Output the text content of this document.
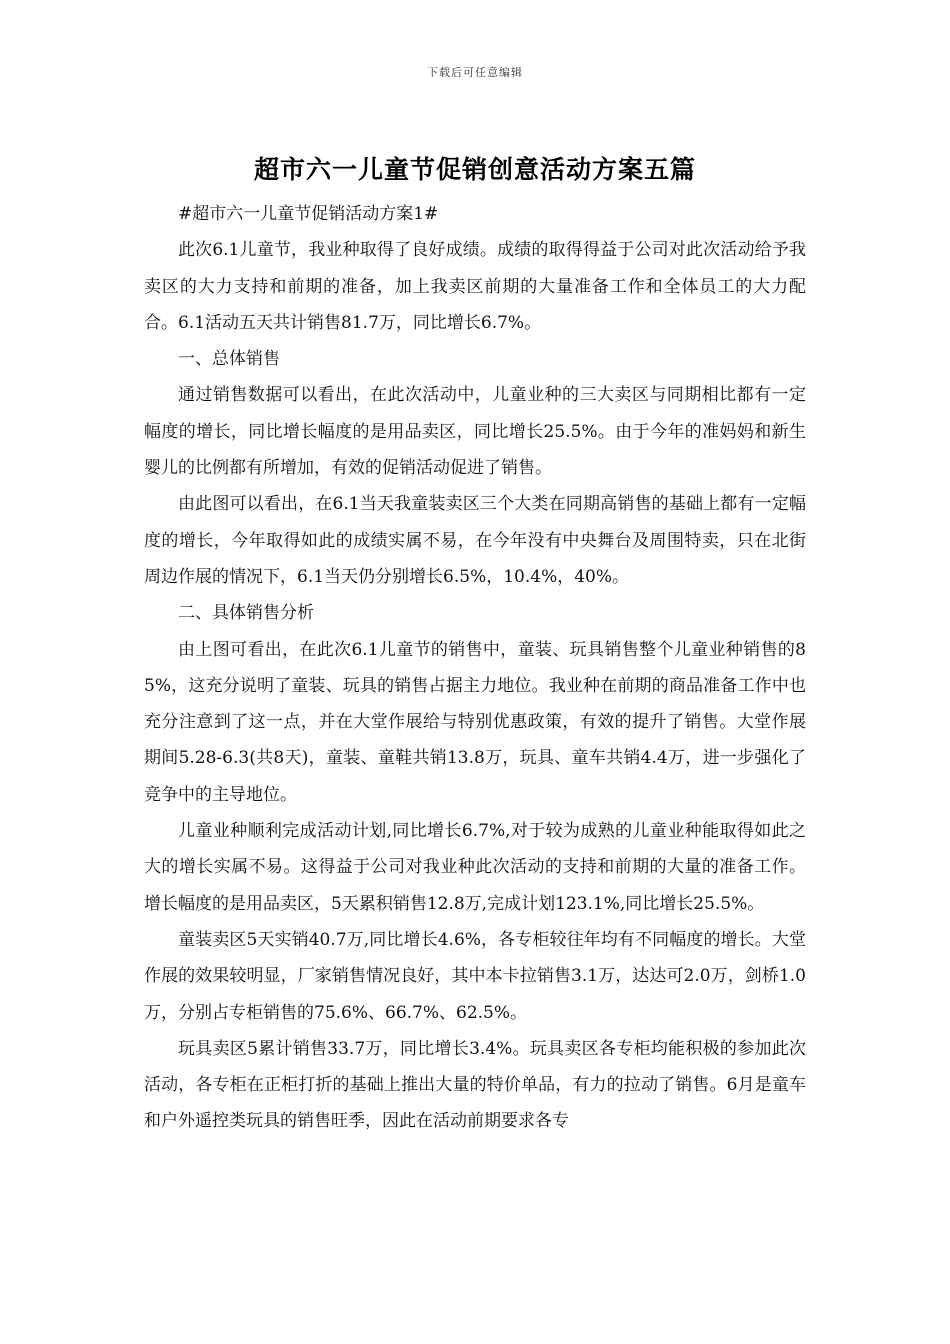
下载后可任意编辑
超市六一儿童节促销创意活动方案五篇

#超市六一儿童节促销活动方案1#

此次6.1儿童节，我业种取得了良好成绩。成绩的取得得益于公司对此次活动给予我卖区的大力支持和前期的准备，加上我卖区前期的大量准备工作和全体员工的大力配合。6.1活动五天共计销售81.7万，同比增长6.7%。

一、总体销售

通过销售数据可以看出，在此次活动中，儿童业种的三大卖区与同期相比都有一定幅度的增长，同比增长幅度的是用品卖区，同比增长25.5%。由于今年的准妈妈和新生婴儿的比例都有所增加，有效的促销活动促进了销售。

由此图可以看出，在6.1当天我童装卖区三个大类在同期高销售的基础上都有一定幅度的增长，今年取得如此的成绩实属不易，在今年没有中央舞台及周围特卖，只在北街周边作展的情况下，6.1当天仍分别增长6.5%，10.4%，40%。

二、具体销售分析

由上图可看出，在此次6.1儿童节的销售中，童装、玩具销售整个儿童业种销售的85%，这充分说明了童装、玩具的销售占据主力地位。我业种在前期的商品准备工作中也充分注意到了这一点，并在大堂作展给与特别优惠政策，有效的提升了销售。大堂作展期间5.28-6.3(共8天)，童装、童鞋共销13.8万，玩具、童车共销4.4万，进一步强化了竞争中的主导地位。

儿童业种顺利完成活动计划,同比增长6.7%,对于较为成熟的儿童业种能取得如此之大的增长实属不易。这得益于公司对我业种此次活动的支持和前期的大量的准备工作。增长幅度的是用品卖区，5天累积销售12.8万,完成计划123.1%,同比增长25.5%。

童装卖区5天实销40.7万,同比增长4.6%，各专柜较往年均有不同幅度的增长。大堂作展的效果较明显，厂家销售情况良好，其中本卡拉销售3.1万，达达可2.0万，剑桥1.0万，分别占专柜销售的75.6%、66.7%、62.5%。

玩具卖区5累计销售33.7万，同比增长3.4%。玩具卖区各专柜均能积极的参加此次活动，各专柜在正柜打折的基础上推出大量的特价单品，有力的拉动了销售。6月是童车和户外遥控类玩具的销售旺季，因此在活动前期要求各专
